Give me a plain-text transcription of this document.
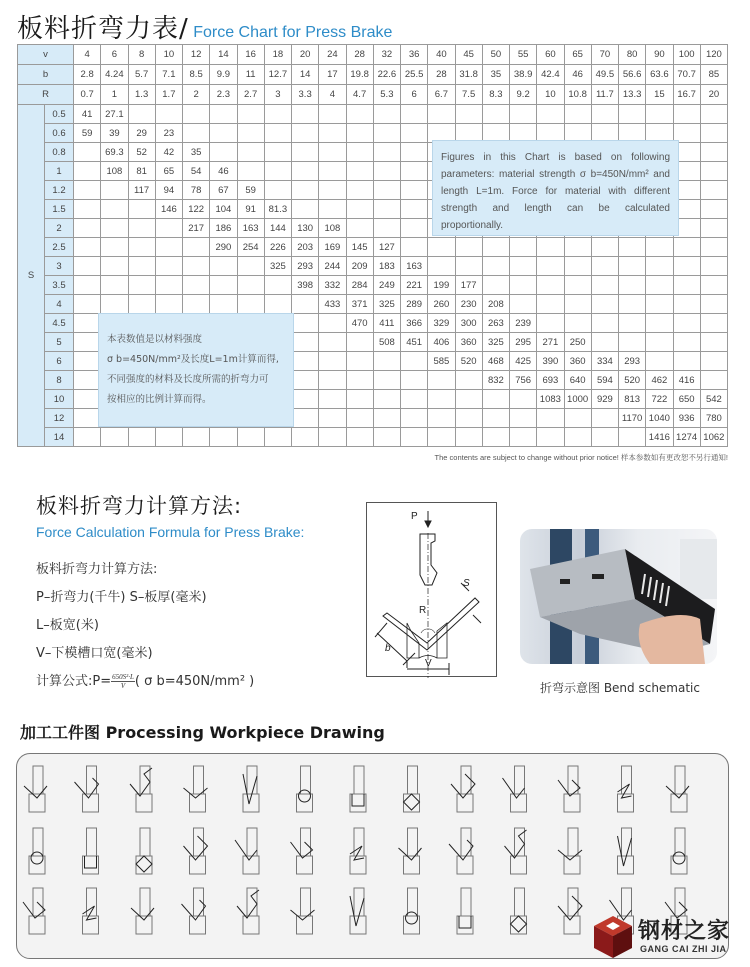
板料折弯力表/ Force Chart for Press Brake
v		4	6	8	10	12	14	16	18	20	24	28	32	36	40	45	50	55	60	65	70	80	90	100	120
b		2.8	4.24	5.7	7.1	8.5	9.9	11	12.7	14	17	19.8	22.6	25.5	28	31.8	35	38.9	42.4	46	49.5	56.6	63.6	70.7	85
R		0.7	1	1.3	1.7	2	2.3	2.7	3	3.3	4	4.7	5.3	6	6.7	7.5	8.3	9.2	10	10.8	11.7	13.3	15	16.7	20
S	0.5	41	27.1																						
	0.6	59	39	29	23																				
	0.8		69.3	52	42	35																			
	1		108	81	65	54	46																		
	1.2			117	94	78	67	59																	
	1.5				146	122	104	91	81.3																
	2					217	186	163	144	130	108														
	2.5						290	254	226	203	169	145	127												
	3								325	293	244	209	183	163											
	3.5									398	332	284	249	221	199	177									
	4										433	371	325	289	260	230	208								
	4.5											470	411	366	329	300	263	239							
	5												508	451	406	360	325	295	271	250					
	6														585	520	468	425	390	360	334	293			
	8																832	756	693	640	594	520	462	416	
	10																		1083	1000	929	813	722	650	542
	12																					1170	1040	936	780
	14																						1416	1274	1062
Figures in this Chart is based on following parameters: material strength σ b=450N/mm² and length L=1m. Force for material with different strength and length can be calculated proportionally.
本表数值是以材料强度
σ b=450N/mm²及长度L=1m计算而得,
不同强度的材料及长度所需的折弯力可
按相应的比例计算而得。
The contents are subject to change without prior notice! 样本参数如有更改恕不另行通知!
板料折弯力计算方法:
Force Calculation Formula for Press Brake:
板料折弯力计算方法:
P–折弯力(千牛) S–板厚(毫米)
L–板宽(米)
V–下模槽口宽(毫米)
计算公式:P= $\frac{\text{650S²·L}}{V}$( σ b=450N/mm² )
P
S
R
b
V
折弯示意图 Bend schematic
加工工件图 Processing Workpiece Drawing
钢材之家
GANG CAI ZHI JIA
